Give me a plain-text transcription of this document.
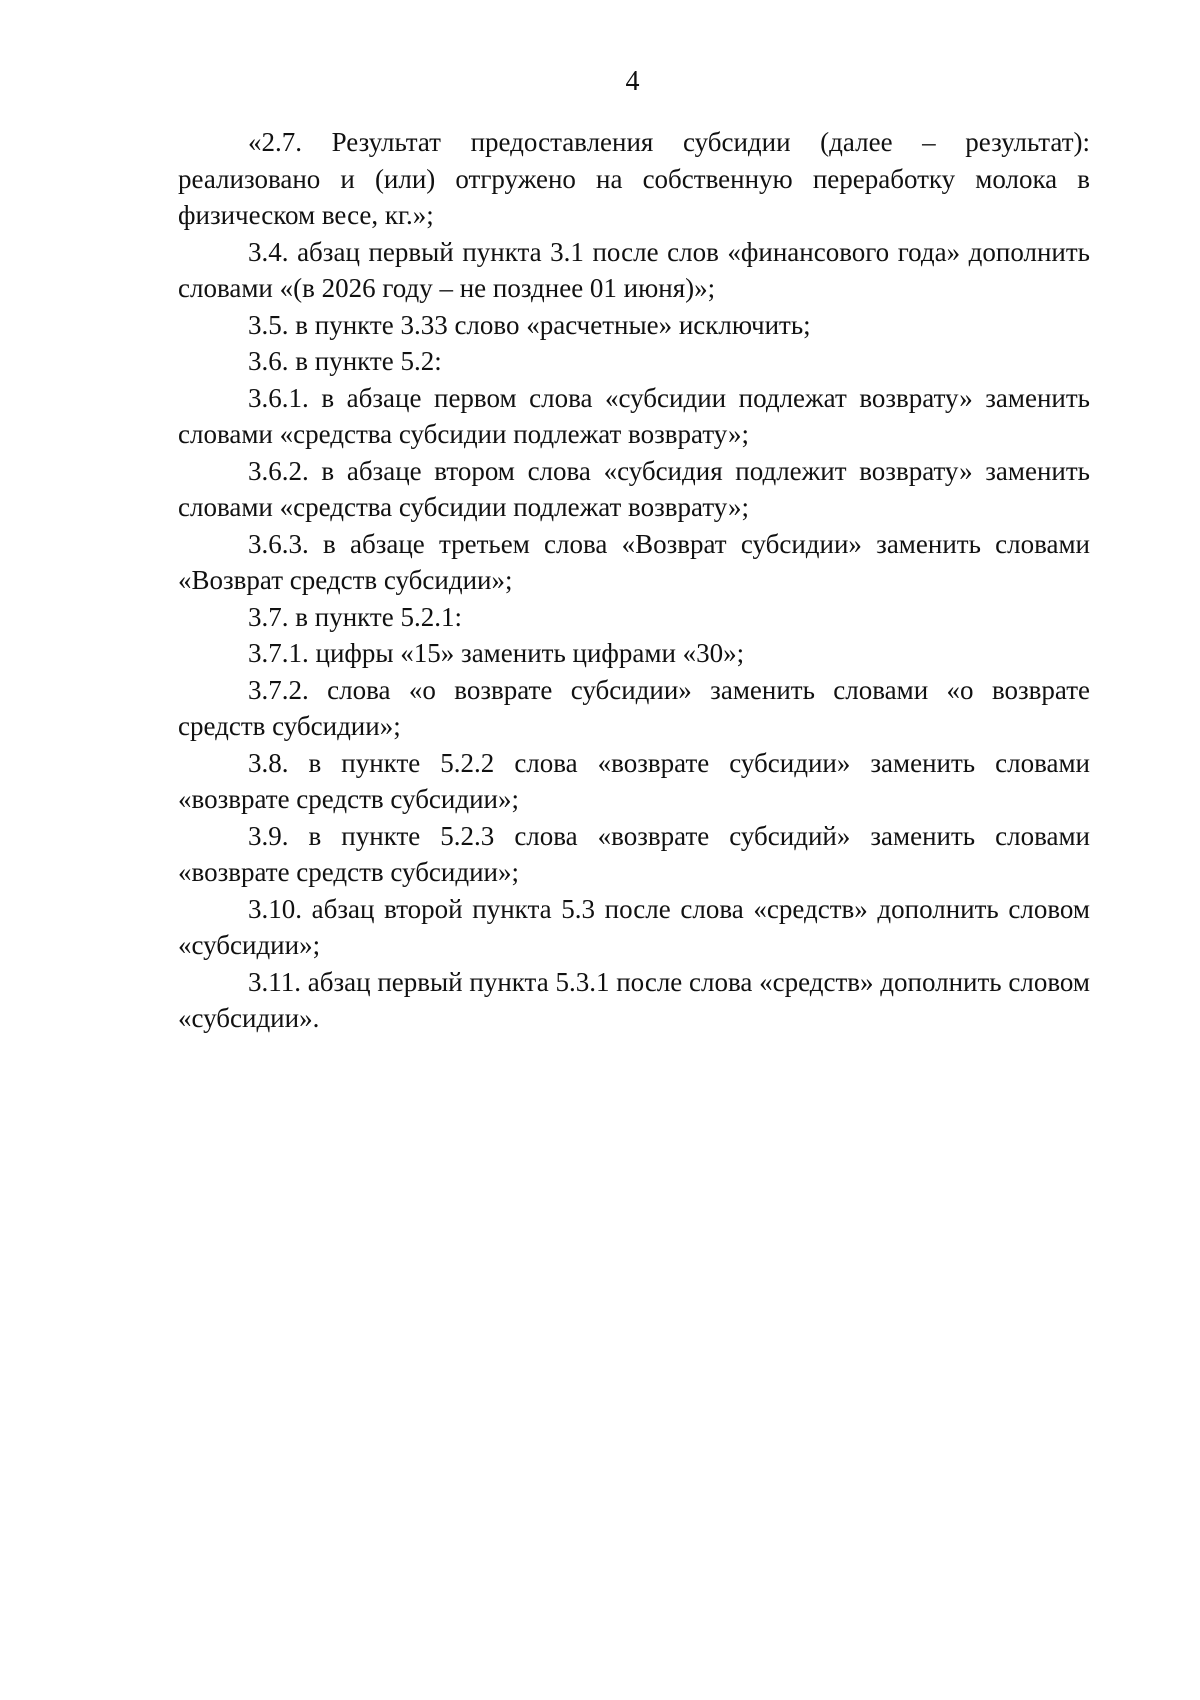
4

«2.7. Результат предоставления субсидии (далее – результат): реализовано и (или) отгружено на собственную переработку молока в физическом весе, кг.»;

3.4. абзац первый пункта 3.1 после слов «финансового года» дополнить словами «(в 2026 году – не позднее 01 июня)»;

3.5. в пункте 3.33 слово «расчетные» исключить;

3.6. в пункте 5.2:

3.6.1. в абзаце первом слова «субсидии подлежат возврату» заменить словами «средства субсидии подлежат возврату»;

3.6.2. в абзаце втором слова «субсидия подлежит возврату» заменить словами «средства субсидии подлежат возврату»;

3.6.3. в абзаце третьем слова «Возврат субсидии» заменить словами «Возврат средств субсидии»;

3.7. в пункте 5.2.1:

3.7.1. цифры «15» заменить цифрами «30»;

3.7.2. слова «о возврате субсидии» заменить словами «о возврате средств субсидии»;

3.8. в пункте 5.2.2 слова «возврате субсидии» заменить словами «возврате средств субсидии»;

3.9. в пункте 5.2.3 слова «возврате субсидий» заменить словами «возврате средств субсидии»;

3.10. абзац второй пункта 5.3 после слова «средств» дополнить словом «субсидии»;

3.11. абзац первый пункта 5.3.1 после слова «средств» дополнить словом «субсидии».
